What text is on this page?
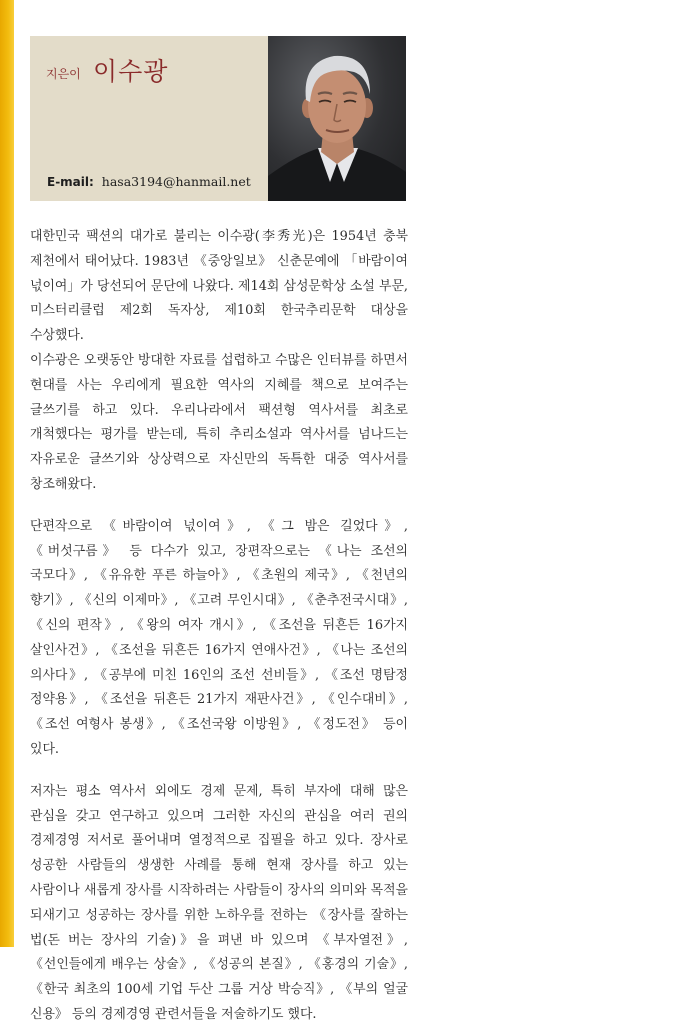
지은이 이수광
E-mail: hasa3194@hanmail.net

대한민국 팩션의 대가로 불리는 이수광(李秀光)은 1954년 충북 제천에서 태어났다. 1983년 《중앙일보》 신춘문예에 「바람이여 넋이여」가 당선되어 문단에 나왔다. 제14회 삼성문학상 소설 부문, 미스터리클럽 제2회 독자상, 제10회 한국추리문학 대상을 수상했다.

이수광은 오랫동안 방대한 자료를 섭렵하고 수많은 인터뷰를 하면서 현대를 사는 우리에게 필요한 역사의 지혜를 책으로 보여주는 글쓰기를 하고 있다. 우리나라에서 팩션형 역사서를 최초로 개척했다는 평가를 받는데, 특히 추리소설과 역사서를 넘나드는 자유로운 글쓰기와 상상력으로 자신만의 독특한 대중 역사서를 창조해왔다.

단편작으로 《바람이여 넋이여》, 《그 밤은 길었다》, 《버섯구름》 등 다수가 있고, 장편작으로는 《나는 조선의 국모다》, 《유유한 푸른 하늘아》, 《초원의 제국》, 《천년의 향기》, 《신의 이제마》, 《고려 무인시대》, 《춘추전국시대》, 《신의 편작》, 《왕의 여자 개시》, 《조선을 뒤흔든 16가지 살인사건》, 《조선을 뒤흔든 16가지 연애사건》, 《나는 조선의 의사다》, 《공부에 미친 16인의 조선 선비들》, 《조선 명탐정 정약용》, 《조선을 뒤흔든 21가지 재판사건》, 《인수대비》, 《조선 여형사 봉생》, 《조선국왕 이방원》, 《정도전》 등이 있다.

저자는 평소 역사서 외에도 경제 문제, 특히 부자에 대해 많은 관심을 갖고 연구하고 있으며 그러한 자신의 관심을 여러 권의 경제경영 저서로 풀어내며 열정적으로 집필을 하고 있다. 장사로 성공한 사람들의 생생한 사례를 통해 현재 장사를 하고 있는 사람이나 새롭게 장사를 시작하려는 사람들이 장사의 의미와 목적을 되새기고 성공하는 장사를 위한 노하우를 전하는 《장사를 잘하는 법(돈 버는 장사의 기술)》을 펴낸 바 있으며 《부자열전》, 《선인들에게 배우는 상술》, 《성공의 본질》, 《홍경의 기술》, 《한국 최초의 100세 기업 두산 그룹 거상 박승직》, 《부의 얼굴 신용》 등의 경제경영 관련서들을 저술하기도 했다.
